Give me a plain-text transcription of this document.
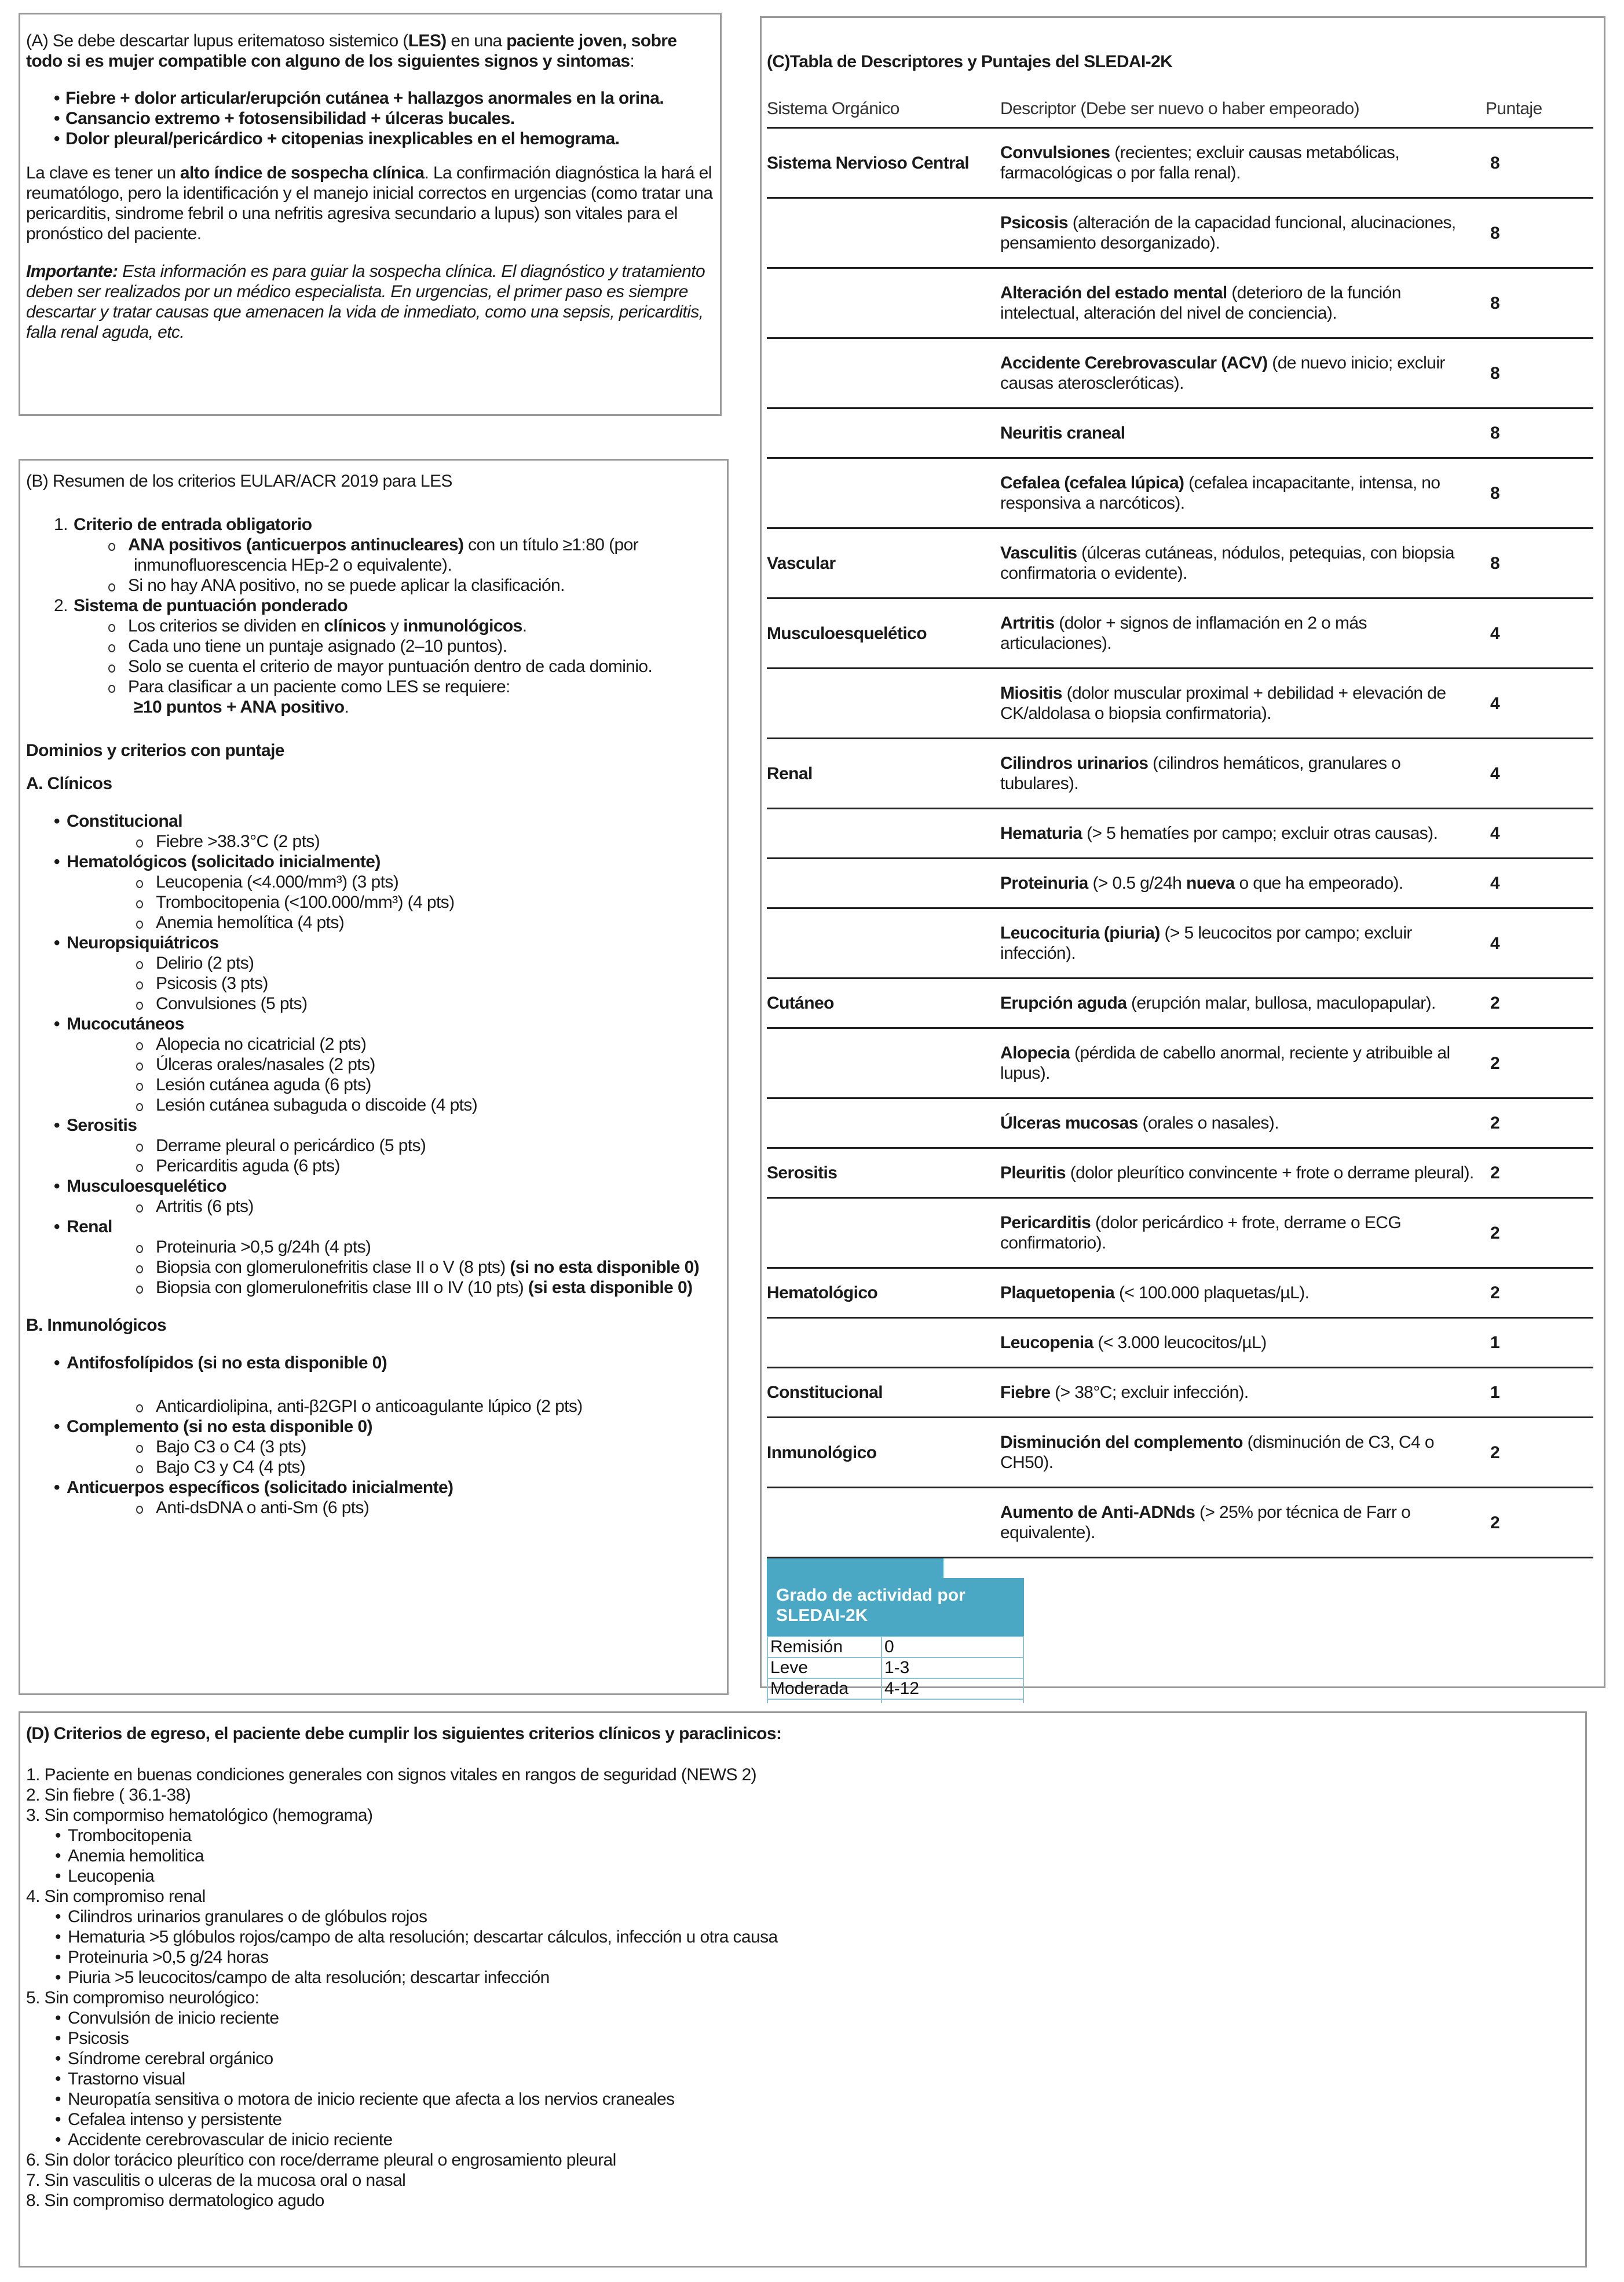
(A) Se debe descartar lupus eritematoso sistemico (LES) en una paciente joven, sobre todo si es mujer compatible con alguno de los siguientes signos y sintomas:

• Fiebre + dolor articular/erupción cutánea + hallazgos anormales en la orina.
• Cansancio extremo + fotosensibilidad + úlceras bucales.
• Dolor pleural/pericárdico + citopenias inexplicables en el hemograma.

La clave es tener un alto índice de sospecha clínica. La confirmación diagnóstica la hará el reumatólogo, pero la identificación y el manejo inicial correctos en urgencias (como tratar una pericarditis, sindrome febril o una nefritis agresiva secundario a lupus) son vitales para el pronóstico del paciente.

Importante: Esta información es para guiar la sospecha clínica. El diagnóstico y tratamiento deben ser realizados por un médico especialista. En urgencias, el primer paso es siempre descartar y tratar causas que amenacen la vida de inmediato, como una sepsis, pericarditis, falla renal aguda, etc.

(B) Resumen de los criterios EULAR/ACR 2019 para LES
1. Criterio de entrada obligatorio
ANA positivos (anticuerpos antinucleares) con un título ≥1:80 (por
inmunofluorescencia HEp-2 o equivalente).
Si no hay ANA positivo, no se puede aplicar la clasificación.
2. Sistema de puntuación ponderado
Los criterios se dividen en clínicos y inmunológicos.
Cada uno tiene un puntaje asignado (2–10 puntos).
Solo se cuenta el criterio de mayor puntuación dentro de cada dominio.
Para clasificar a un paciente como LES se requiere:
≥10 puntos + ANA positivo.
Dominios y criterios con puntaje
A. Clínicos
• Constitucional
Fiebre >38.3°C (2 pts)
• Hematológicos (solicitado inicialmente)
Leucopenia (<4.000/mm³) (3 pts)
Trombocitopenia (<100.000/mm³) (4 pts)
Anemia hemolítica (4 pts)
• Neuropsiquiátricos
Delirio (2 pts)
Psicosis (3 pts)
Convulsiones (5 pts)
• Mucocutáneos
Alopecia no cicatricial (2 pts)
Úlceras orales/nasales (2 pts)
Lesión cutánea aguda (6 pts)
Lesión cutánea subaguda o discoide (4 pts)
• Serositis
Derrame pleural o pericárdico (5 pts)
Pericarditis aguda (6 pts)
• Musculoesquelético
Artritis (6 pts)
• Renal
Proteinuria >0,5 g/24h (4 pts)
Biopsia con glomerulonefritis clase II o V (8 pts) (si no esta disponible 0)
Biopsia con glomerulonefritis clase III o IV (10 pts) (si esta disponible 0)
B. Inmunológicos
• Antifosfolípidos (si no esta disponible 0)
Anticardiolipina, anti-β2GPI o anticoagulante lúpico (2 pts)
• Complemento (si no esta disponible 0)
Bajo C3 o C4 (3 pts)
Bajo C3 y C4 (4 pts)
• Anticuerpos específicos (solicitado inicialmente)
Anti-dsDNA o anti-Sm (6 pts)
(C)Tabla de Descriptores y Puntajes del SLEDAI-2K
Sistema Orgánico	Descriptor (Debe ser nuevo o haber empeorado)	Puntaje
Sistema Nervioso Central	Convulsiones (recientes; excluir causas metabólicas, farmacológicas o por falla renal).	8
	Psicosis (alteración de la capacidad funcional, alucinaciones, pensamiento desorganizado).	8
	Alteración del estado mental (deterioro de la función intelectual, alteración del nivel de conciencia).	8
	Accidente Cerebrovascular (ACV) (de nuevo inicio; excluir causas ateroscleróticas).	8
	Neuritis craneal	8
	Cefalea (cefalea lúpica) (cefalea incapacitante, intensa, no responsiva a narcóticos).	8
Vascular	Vasculitis (úlceras cutáneas, nódulos, petequias, con biopsia confirmatoria o evidente).	8
Musculoesquelético	Artritis (dolor + signos de inflamación en 2 o más articulaciones).	4
	Miositis (dolor muscular proximal + debilidad + elevación de CK/aldolasa o biopsia confirmatoria).	4
Renal	Cilindros urinarios (cilindros hemáticos, granulares o tubulares).	4
	Hematuria (> 5 hematíes por campo; excluir otras causas).	4
	Proteinuria (> 0.5 g/24h nueva o que ha empeorado).	4
	Leucocituria (piuria) (> 5 leucocitos por campo; excluir infección).	4
Cutáneo	Erupción aguda (erupción malar, bullosa, maculopapular).	2
	Alopecia (pérdida de cabello anormal, reciente y atribuible al lupus).	2
	Úlceras mucosas (orales o nasales).	2
Serositis	Pleuritis (dolor pleurítico convincente + frote o derrame pleural).	2
	Pericarditis (dolor pericárdico + frote, derrame o ECG confirmatorio).	2
Hematológico	Plaquetopenia (< 100.000 plaquetas/µL).	2
	Leucopenia (< 3.000 leucocitos/µL)	1
Constitucional	Fiebre (> 38°C; excluir infección).	1
Inmunológico	Disminución del complemento (disminución de C3, C4 o CH50).	2
	Aumento de Anti-ADNds (> 25% por técnica de Farr o equivalente).	2
Grado de actividad por SLEDAI-2K
Remisión	0
Leve	1-3
Moderada	4-12

(D) Criterios de egreso, el paciente debe cumplir los siguientes criterios clínicos y paraclinicos:
1. Paciente en buenas condiciones generales con signos vitales en rangos de seguridad (NEWS 2)
2. Sin fiebre ( 36.1-38)
3. Sin compormiso hematológico (hemograma)
• Trombocitopenia
• Anemia hemolitica
• Leucopenia
4. Sin compromiso renal
• Cilindros urinarios granulares o de glóbulos rojos
• Hematuria >5 glóbulos rojos/campo de alta resolución; descartar cálculos, infección u otra causa
• Proteinuria >0,5 g/24 horas
• Piuria >5 leucocitos/campo de alta resolución; descartar infección
5. Sin compromiso neurológico:
• Convulsión de inicio reciente
• Psicosis
• Síndrome cerebral orgánico
• Trastorno visual
• Neuropatía sensitiva o motora de inicio reciente que afecta a los nervios craneales
• Cefalea intenso y persistente
• Accidente cerebrovascular de inicio reciente
6. Sin dolor torácico pleurítico con roce/derrame pleural o engrosamiento pleural
7. Sin vasculitis o ulceras de la mucosa oral o nasal
8. Sin compromiso dermatologico agudo
